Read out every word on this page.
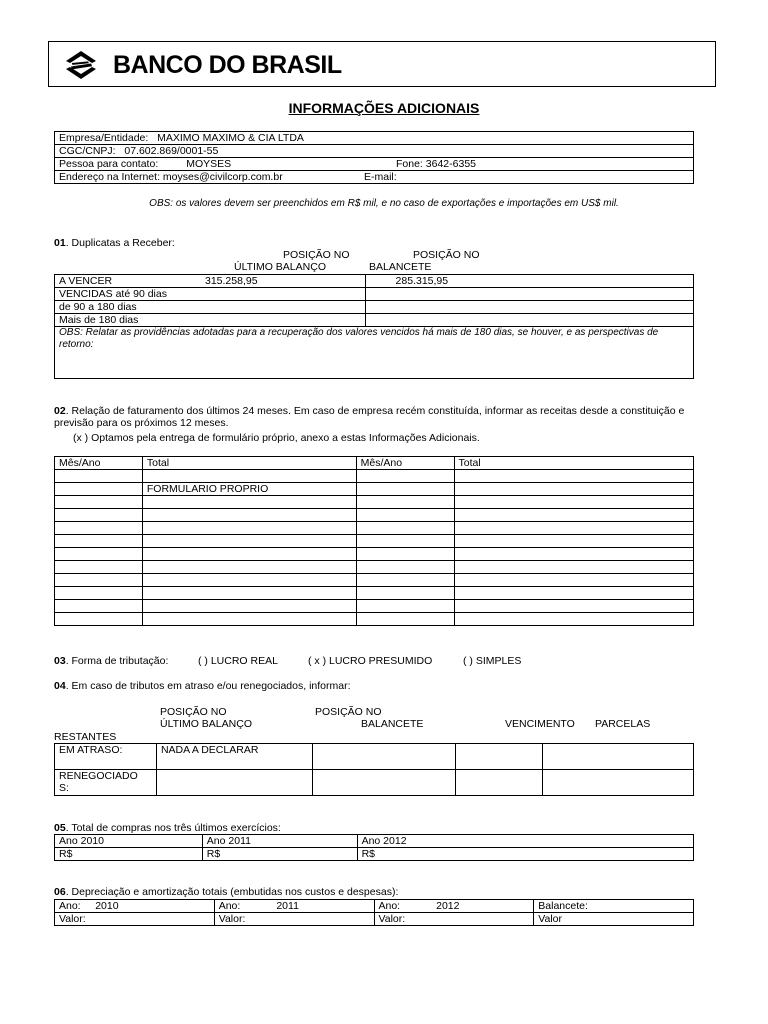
BANCO DO BRASIL
INFORMAÇÕES ADICIONAIS
Empresa/Entidade: MAXIMO MAXIMO & CIA LTDA
CGC/CNPJ: 07.602.869/0001-55
Pessoa para contato:	MOYSES	Fone: 3642-6355

Endereço na Internet: moyses@civilcorp.com.br	E-mail:
OBS: os valores devem ser preenchidos em R$ mil, e no caso de exportações e importações em US$ mil.
01. Duplicatas a Receber:
POSIÇÃO NO
ÚLTIMO BALANÇO
POSIÇÃO NO
BALANCETE
A VENCER 315.258,95	285.315,95
VENCIDAS até 90 dias	
de 90 a 180 dias	
Mais de 180 dias	
OBS: Relatar as providências adotadas para a recuperação dos valores vencidos há mais de 180 dias, se houver, e as perspectivas de retorno:	
02. Relação de faturamento dos últimos 24 meses. Em caso de empresa recém constituída, informar as receitas desde a constituição e previsão para os próximos 12 meses.
(x ) Optamos pela entrega de formulário próprio, anexo a estas Informações Adicionais.
Mês/Ano	Total	Mês/Ano	Total

	FORMULARIO PROPRIO		

03. Forma de tributação:	( ) LUCRO REAL	( x ) LUCRO PRESUMIDO	( ) SIMPLES
04. Em caso de tributos em atraso e/ou renegociados, informar:
POSIÇÃO NO
ÚLTIMO BALANÇO
POSIÇÃO NO
BALANCETE	VENCIMENTO PARCELAS
RESTANTES
EM ATRASO:	NADA A DECLARAR			
RENEGOCIADO
S:				
05. Total de compras nos três últimos exercícios:
Ano 2010	Ano 2011	Ano 2012
R$	R$	R$
06. Depreciação e amortização totais (embutidas nos custos e despesas):
Ano: 2010	Ano: 2011	Ano: 2012	Balancete:
Valor:	Valor:	Valor:	Valor
